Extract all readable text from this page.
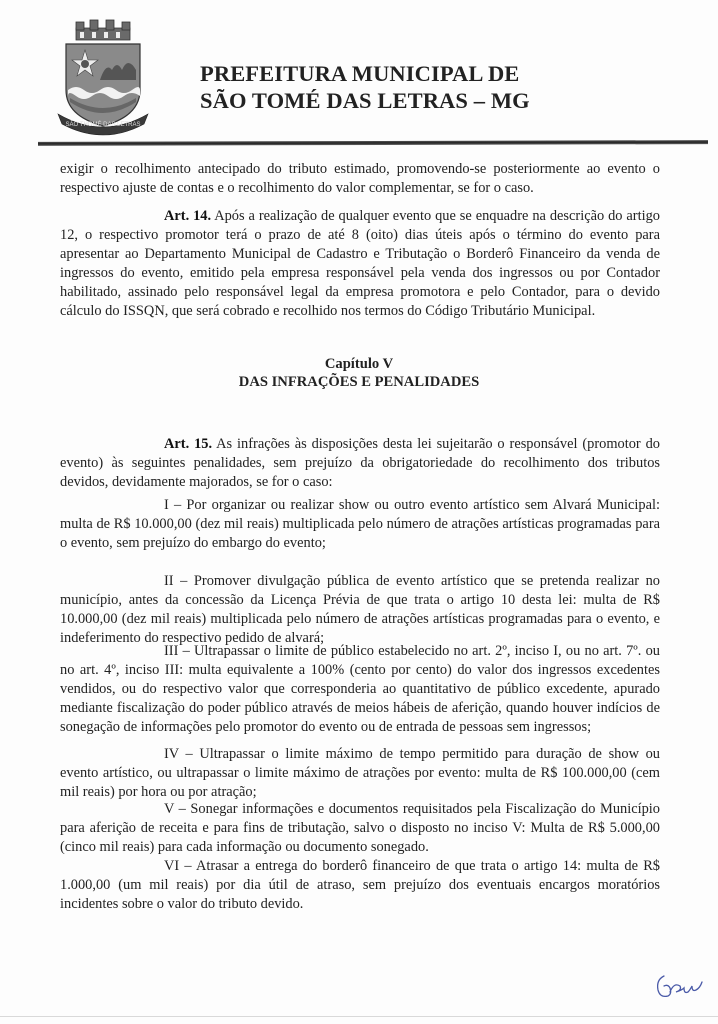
SÃO THOMÉ DAS LETRAS
PREFEITURA MUNICIPAL DE
SÃO TOMÉ DAS LETRAS – MG
exigir o recolhimento antecipado do tributo estimado, promovendo-se posteriormente ao evento o respectivo ajuste de contas e o recolhimento do valor complementar, se for o caso.
Art. 14. Após a realização de qualquer evento que se enquadre na descrição do artigo 12, o respectivo promotor terá o prazo de até 8 (oito) dias úteis após o término do evento para apresentar ao Departamento Municipal de Cadastro e Tributação o Borderô Financeiro da venda de ingressos do evento, emitido pela empresa responsável pela venda dos ingressos ou por Contador habilitado, assinado pelo responsável legal da empresa promotora e pelo Contador, para o devido cálculo do ISSQN, que será cobrado e recolhido nos termos do Código Tributário Municipal.
Capítulo V
DAS INFRAÇÕES E PENALIDADES
Art. 15. As infrações às disposições desta lei sujeitarão o responsável (promotor do evento) às seguintes penalidades, sem prejuízo da obrigatoriedade do recolhimento dos tributos devidos, devidamente majorados, se for o caso:
I – Por organizar ou realizar show ou outro evento artístico sem Alvará Municipal: multa de R$ 10.000,00 (dez mil reais) multiplicada pelo número de atrações artísticas programadas para o evento, sem prejuízo do embargo do evento;
II – Promover divulgação pública de evento artístico que se pretenda realizar no município, antes da concessão da Licença Prévia de que trata o artigo 10 desta lei: multa de R$ 10.000,00 (dez mil reais) multiplicada pelo número de atrações artísticas programadas para o evento, e indeferimento do respectivo pedido de alvará;
III – Ultrapassar o limite de público estabelecido no art. 2º, inciso I, ou no art. 7º. ou no art. 4º, inciso III: multa equivalente a 100% (cento por cento) do valor dos ingressos excedentes vendidos, ou do respectivo valor que corresponderia ao quantitativo de público excedente, apurado mediante fiscalização do poder público através de meios hábeis de aferição, quando houver indícios de sonegação de informações pelo promotor do evento ou de entrada de pessoas sem ingressos;
IV – Ultrapassar o limite máximo de tempo permitido para duração de show ou evento artístico, ou ultrapassar o limite máximo de atrações por evento: multa de R$ 100.000,00 (cem mil reais) por hora ou por atração;
V – Sonegar informações e documentos requisitados pela Fiscalização do Município para aferição de receita e para fins de tributação, salvo o disposto no inciso V: Multa de R$ 5.000,00 (cinco mil reais) para cada informação ou documento sonegado.
VI – Atrasar a entrega do borderô financeiro de que trata o artigo 14: multa de R$ 1.000,00 (um mil reais) por dia útil de atraso, sem prejuízo dos eventuais encargos moratórios incidentes sobre o valor do tributo devido.
